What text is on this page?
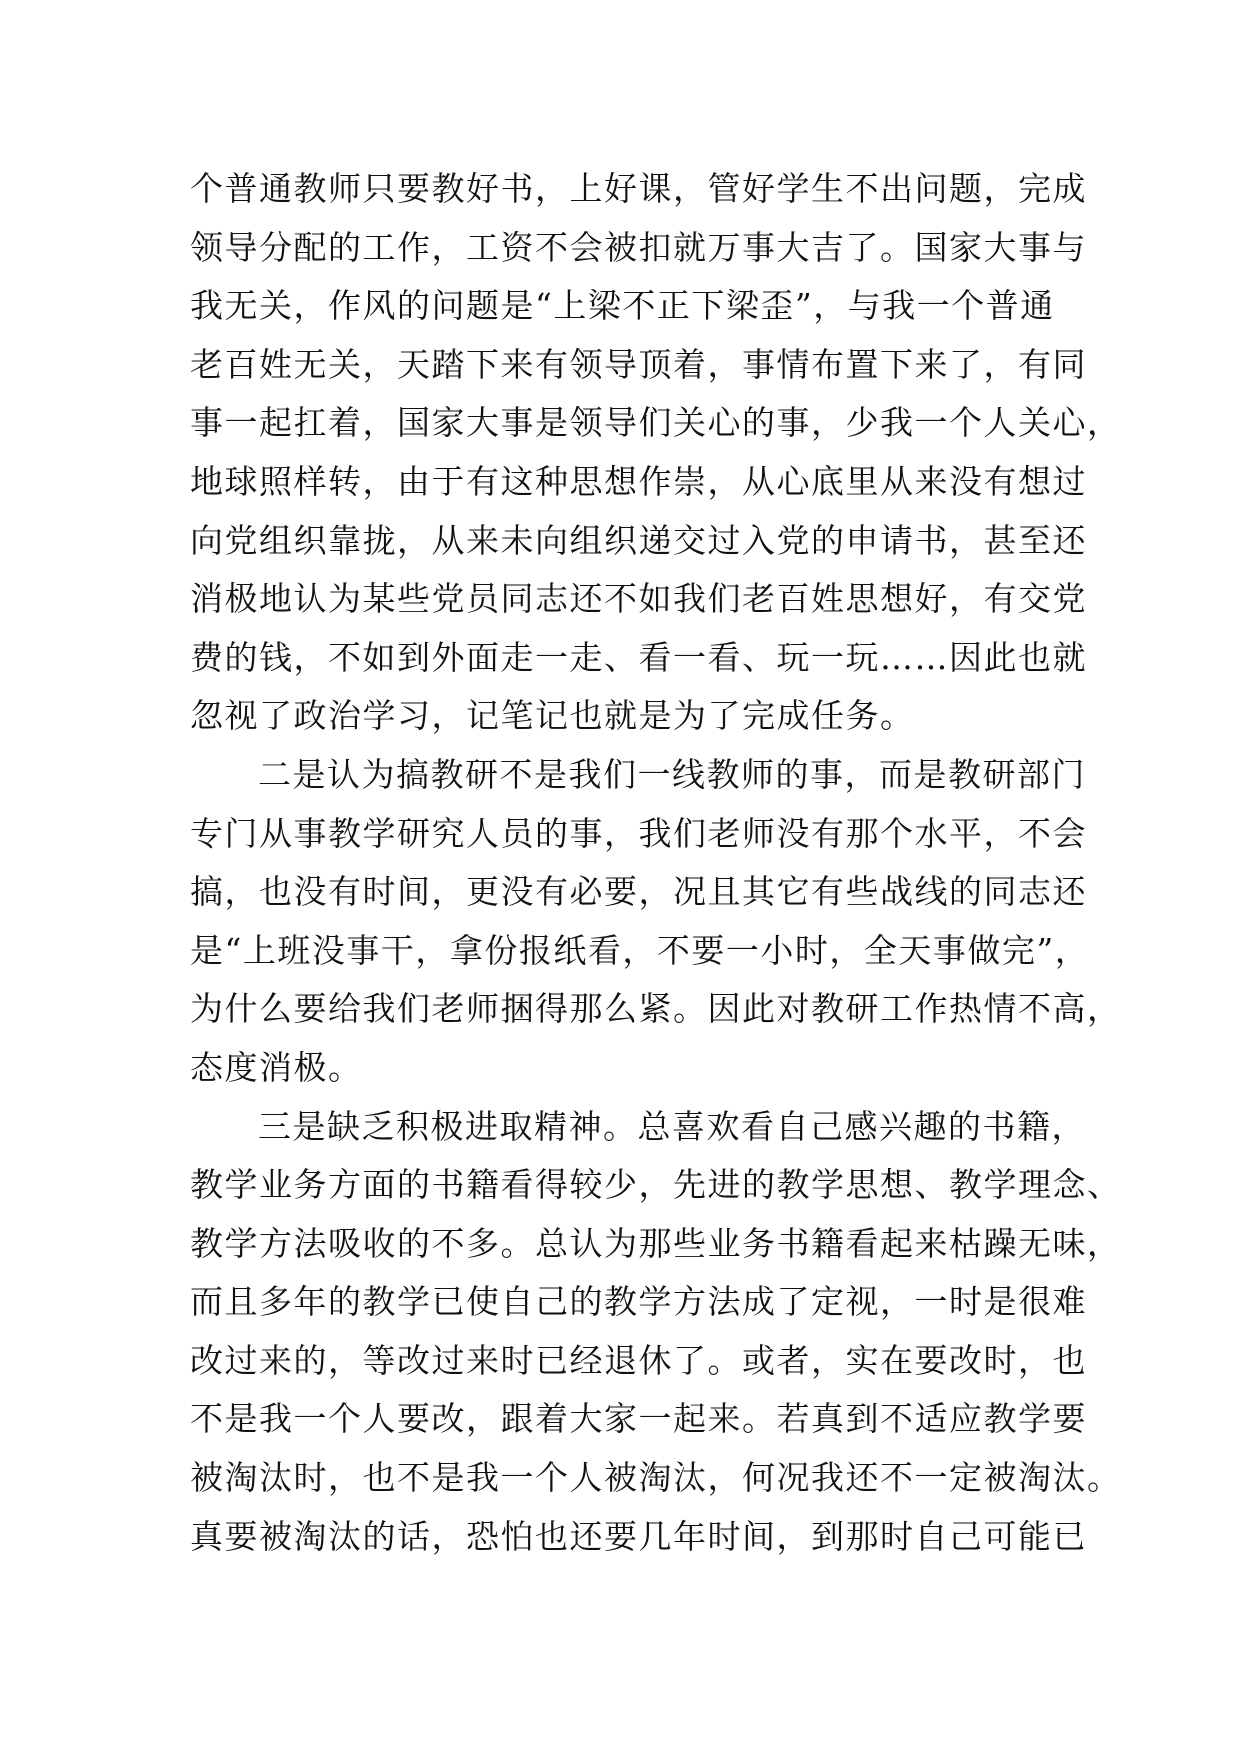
个普通教师只要教好书，上好课，管好学生不出问题，完成
领导分配的工作，工资不会被扣就万事大吉了。国家大事与
我无关，作风的问题是“上梁不正下梁歪”，与我一个普通
老百姓无关，天踏下来有领导顶着，事情布置下来了，有同
事一起扛着，国家大事是领导们关心的事，少我一个人关心，
地球照样转，由于有这种思想作崇，从心底里从来没有想过
向党组织靠拢，从来未向组织递交过入党的申请书，甚至还
消极地认为某些党员同志还不如我们老百姓思想好，有交党
费的钱，不如到外面走一走、看一看、玩一玩……因此也就
忽视了政治学习，记笔记也就是为了完成任务。
二是认为搞教研不是我们一线教师的事，而是教研部门
专门从事教学研究人员的事，我们老师没有那个水平，不会
搞，也没有时间，更没有必要，况且其它有些战线的同志还
是“上班没事干，拿份报纸看，不要一小时，全天事做完”，
为什么要给我们老师捆得那么紧。因此对教研工作热情不高，
态度消极。
三是缺乏积极进取精神。总喜欢看自己感兴趣的书籍，
教学业务方面的书籍看得较少，先进的教学思想、教学理念、
教学方法吸收的不多。总认为那些业务书籍看起来枯躁无味，
而且多年的教学已使自己的教学方法成了定视，一时是很难
改过来的，等改过来时已经退休了。或者，实在要改时，也
不是我一个人要改，跟着大家一起来。若真到不适应教学要
被淘汰时，也不是我一个人被淘汰，何况我还不一定被淘汰。
真要被淘汰的话，恐怕也还要几年时间，到那时自己可能已
